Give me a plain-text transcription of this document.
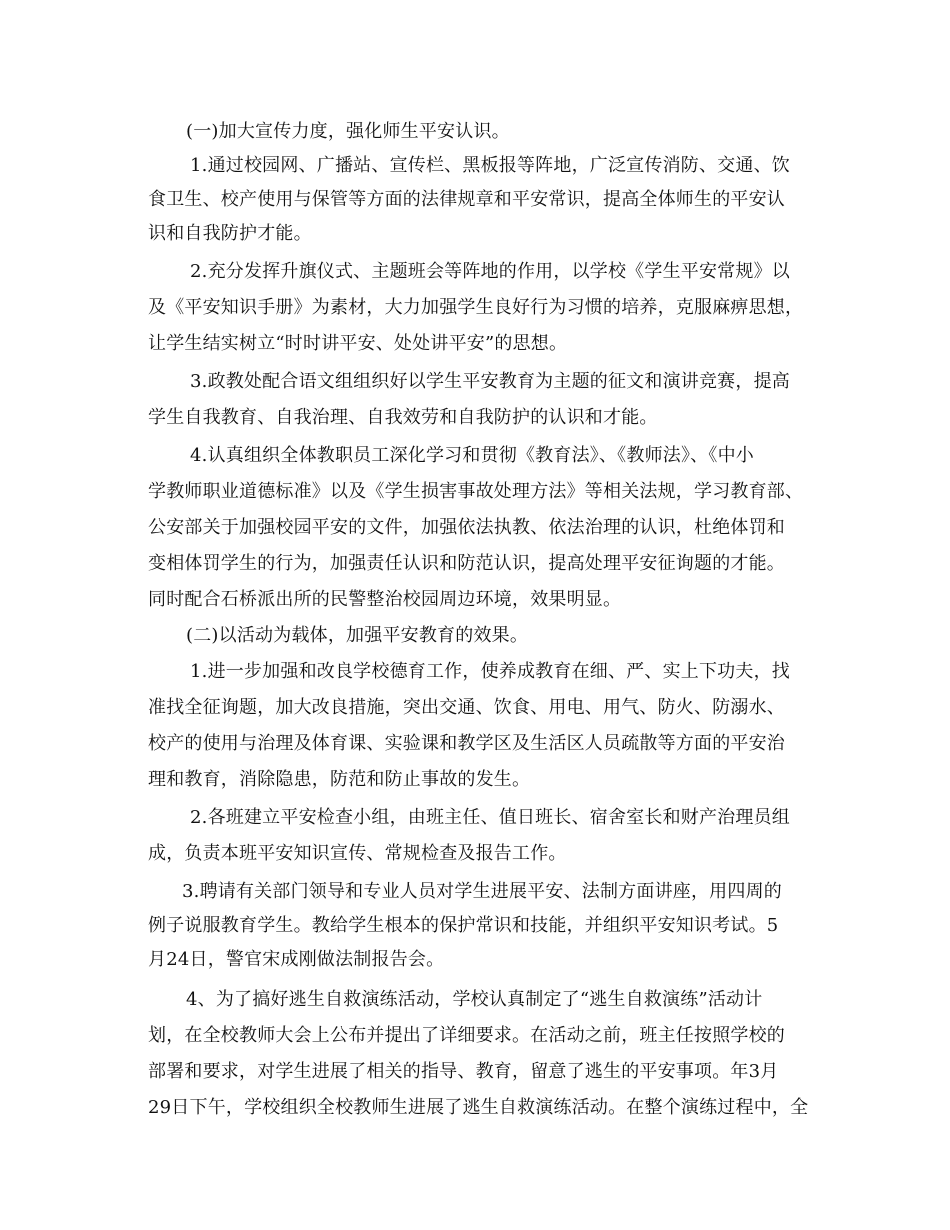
(一)加大宣传力度，强化师生平安认识。
1.通过校园网、广播站、宣传栏、黑板报等阵地，广泛宣传消防、交通、饮
食卫生、校产使用与保管等方面的法律规章和平安常识，提高全体师生的平安认
识和自我防护才能。
2.充分发挥升旗仪式、主题班会等阵地的作用，以学校《学生平安常规》以
及《平安知识手册》为素材，大力加强学生良好行为习惯的培养，克服麻痹思想，
让学生结实树立“时时讲平安、处处讲平安”的思想。
3.政教处配合语文组组织好以学生平安教育为主题的征文和演讲竞赛，提高
学生自我教育、自我治理、自我效劳和自我防护的认识和才能。
4.认真组织全体教职员工深化学习和贯彻《教育法》、《教师法》、《中小
学教师职业道德标准》以及《学生损害事故处理方法》等相关法规，学习教育部、
公安部关于加强校园平安的文件，加强依法执教、依法治理的认识，杜绝体罚和
变相体罚学生的行为，加强责任认识和防范认识，提高处理平安征询题的才能。
同时配合石桥派出所的民警整治校园周边环境，效果明显。
(二)以活动为载体，加强平安教育的效果。
1.进一步加强和改良学校德育工作，使养成教育在细、严、实上下功夫，找
准找全征询题，加大改良措施，突出交通、饮食、用电、用气、防火、防溺水、
校产的使用与治理及体育课、实验课和教学区及生活区人员疏散等方面的平安治
理和教育，消除隐患，防范和防止事故的发生。
2.各班建立平安检查小组，由班主任、值日班长、宿舍室长和财产治理员组
成，负责本班平安知识宣传、常规检查及报告工作。
3.聘请有关部门领导和专业人员对学生进展平安、法制方面讲座，用四周的
例子说服教育学生。教给学生根本的保护常识和技能，并组织平安知识考试。5
月24日，警官宋成刚做法制报告会。
4、为了搞好逃生自救演练活动，学校认真制定了“逃生自救演练”活动计
划，在全校教师大会上公布并提出了详细要求。在活动之前，班主任按照学校的
部署和要求，对学生进展了相关的指导、教育，留意了逃生的平安事项。年3月
29日下午，学校组织全校教师生进展了逃生自救演练活动。在整个演练过程中，全
